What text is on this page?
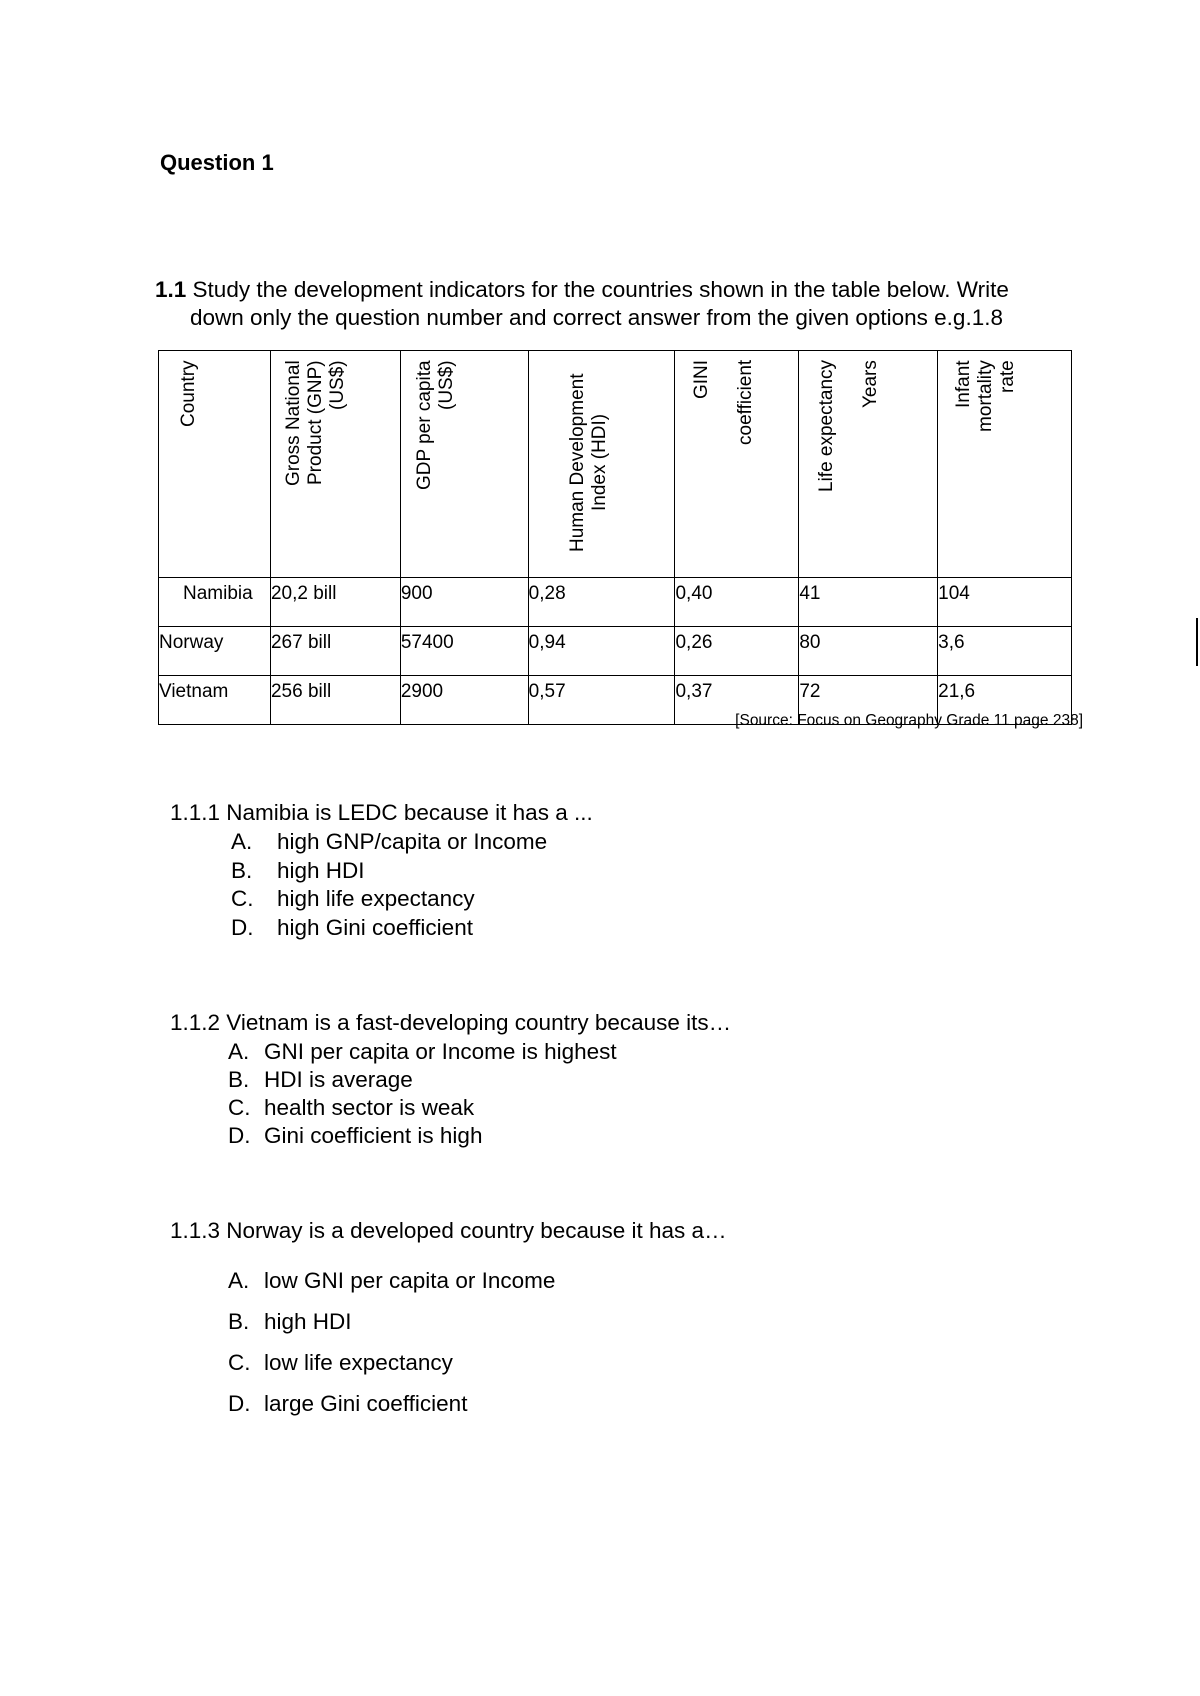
Question 1
1.1 Study the development indicators for the countries shown in the table below. Write
down only the question number and correct answer from the given options e.g.1.8
Country	Gross National
Product (GNP)
(US$)	GDP per capita
(US$)	Human Development
Index (HDI)	GINI coefficient	Life expectancy Years	Infant
mortality
rate

Namibia	20,2 bill	900	0,28	0,40	41	104
Norway	267 bill	57400	0,94	0,26	80	3,6
Vietnam	256 bill	2900	0,57	0,37	72	21,6
[Source: Focus on Geography Grade 11 page 238]
1.1.1 Namibia is LEDC because it has a ...
A.	high GNP/capita or Income
B.	high HDI
C.	high life expectancy
D.	high Gini coefficient
1.1.2 Vietnam is a fast-developing country because its…
A. GNI per capita or Income is highest
B. HDI is average
C. health sector is weak
D. Gini coefficient is high
1.1.3 Norway is a developed country because it has a…
A. low GNI per capita or Income
B. high HDI
C. low life expectancy
D. large Gini coefficient
